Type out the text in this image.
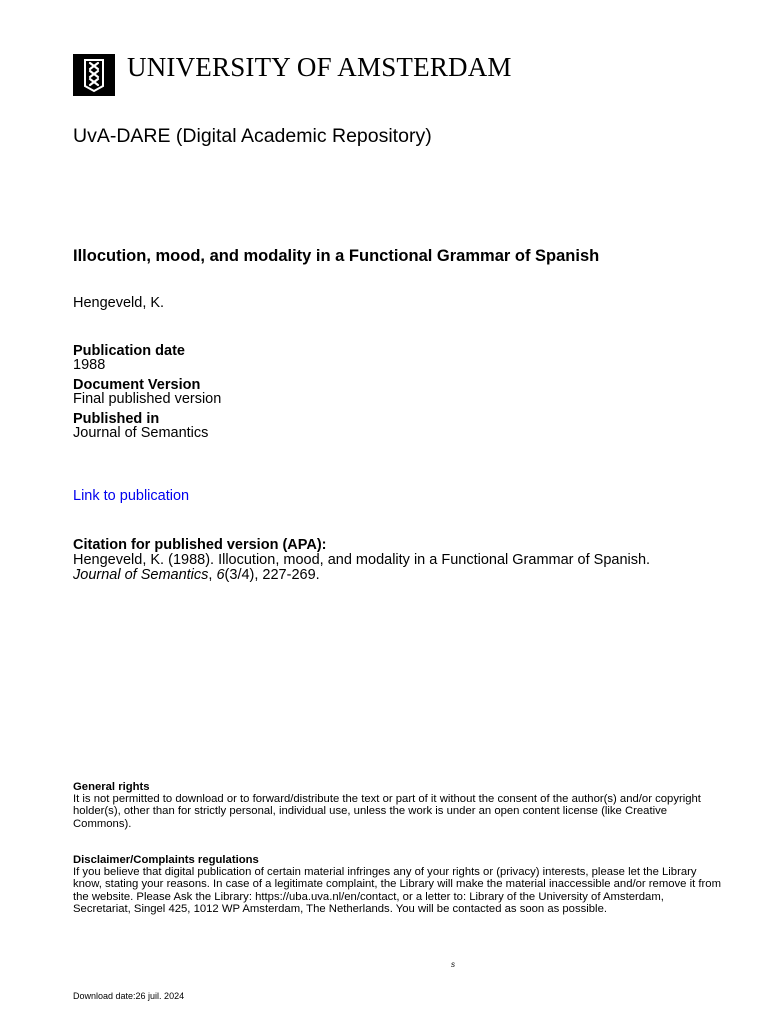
UNIVERSITY OF AMSTERDAM
UvA-DARE (Digital Academic Repository)
Illocution, mood, and modality in a Functional Grammar of Spanish
Hengeveld, K.
Publication date
1988
Document Version
Final published version
Published in
Journal of Semantics
Link to publication
Citation for published version (APA):
Hengeveld, K. (1988). Illocution, mood, and modality in a Functional Grammar of Spanish.
Journal of Semantics, 6(3/4), 227-269.
General rights
It is not permitted to download or to forward/distribute the text or part of it without the consent of the author(s) and/or copyright holder(s), other than for strictly personal, individual use, unless the work is under an open content license (like Creative Commons).
Disclaimer/Complaints regulations
If you believe that digital publication of certain material infringes any of your rights or (privacy) interests, please let the Library know, stating your reasons. In case of a legitimate complaint, the Library will make the material inaccessible and/or remove it from the website. Please Ask the Library: https://uba.uva.nl/en/contact, or a letter to: Library of the University of Amsterdam, Secretariat, Singel 425, 1012 WP Amsterdam, The Netherlands. You will be contacted as soon as possible.
s
Download date:26 juil. 2024
